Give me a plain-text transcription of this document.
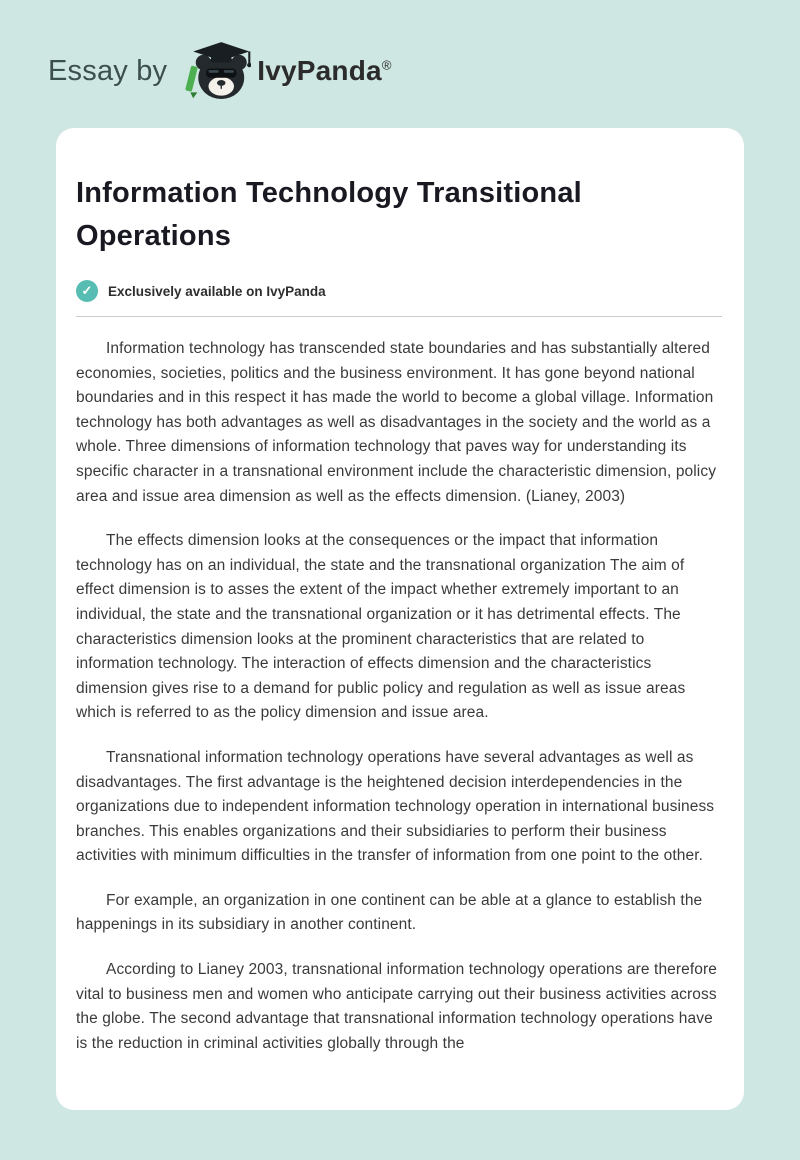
Essay by	IvyPanda®
Information Technology Transitional Operations
✓	Exclusively available on IvyPanda

Information technology has transcended state boundaries and has substantially altered economies, societies, politics and the business environment. It has gone beyond national boundaries and in this respect it has made the world to become a global village. Information technology has both advantages as well as disadvantages in the society and the world as a whole. Three dimensions of information technology that paves way for understanding its specific character in a transnational environment include the characteristic dimension, policy area and issue area dimension as well as the effects dimension. (Lianey, 2003)

The effects dimension looks at the consequences or the impact that information technology has on an individual, the state and the transnational organization The aim of effect dimension is to asses the extent of the impact whether extremely important to an individual, the state and the transnational organization or it has detrimental effects. The characteristics dimension looks at the prominent characteristics that are related to information technology. The interaction of effects dimension and the characteristics dimension gives rise to a demand for public policy and regulation as well as issue areas which is referred to as the policy dimension and issue area.

Transnational information technology operations have several advantages as well as disadvantages. The first advantage is the heightened decision interdependencies in the organizations due to independent information technology operation in international business branches. This enables organizations and their subsidiaries to perform their business activities with minimum difficulties in the transfer of information from one point to the other.

For example, an organization in one continent can be able at a glance to establish the happenings in its subsidiary in another continent.

According to Lianey 2003, transnational information technology operations are therefore vital to business men and women who anticipate carrying out their business activities across the globe. The second advantage that transnational information technology operations have is the reduction in criminal activities globally through the
